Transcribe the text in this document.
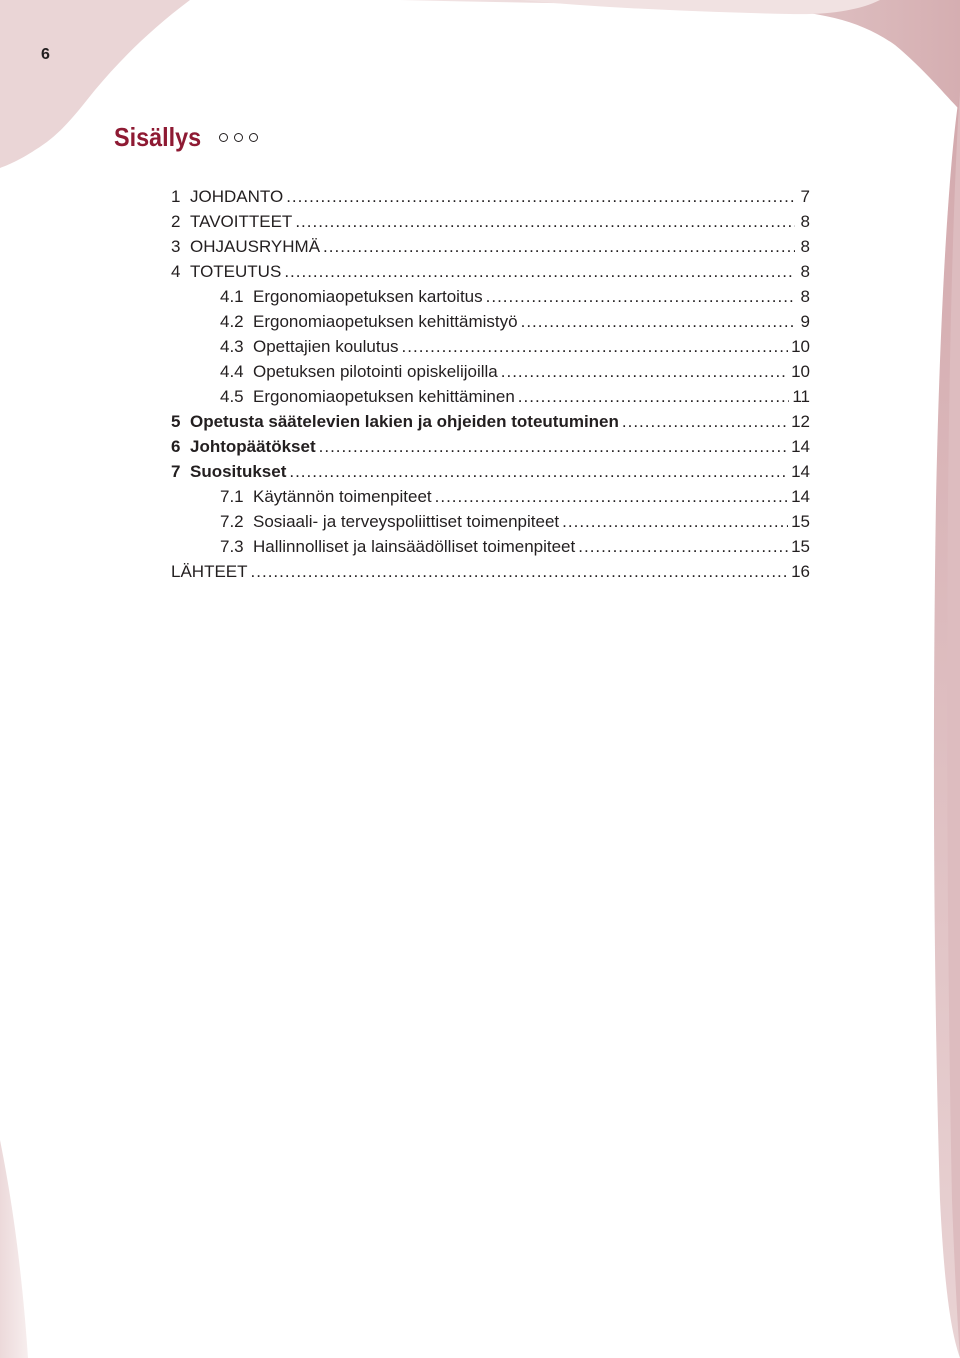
6
Sisällys
1 JOHDANTO .....	7
2 TAVOITTEET .....	8
3 OHJAUSRYHMÄ .....	8
4 TOTEUTUS .....	8
4.1 Ergonomiaopetuksen kartoitus .....	8
4.2 Ergonomiaopetuksen kehittämistyö .....	9
4.3 Opettajien koulutus .....	10
4.4 Opetuksen pilotointi opiskelijoilla .....	10
4.5 Ergonomiaopetuksen kehittäminen .....	11
5 Opetusta säätelevien lakien ja ohjeiden toteutuminen .....	12
6 Johtopäätökset .....	14
7 Suositukset .....	14
7.1 Käytännön toimenpiteet .....	14
7.2 Sosiaali- ja terveyspoliittiset toimenpiteet .....	15
7.3 Hallinnolliset ja lainsäädölliset toimenpiteet .....	15
LÄHTEET .....	16
